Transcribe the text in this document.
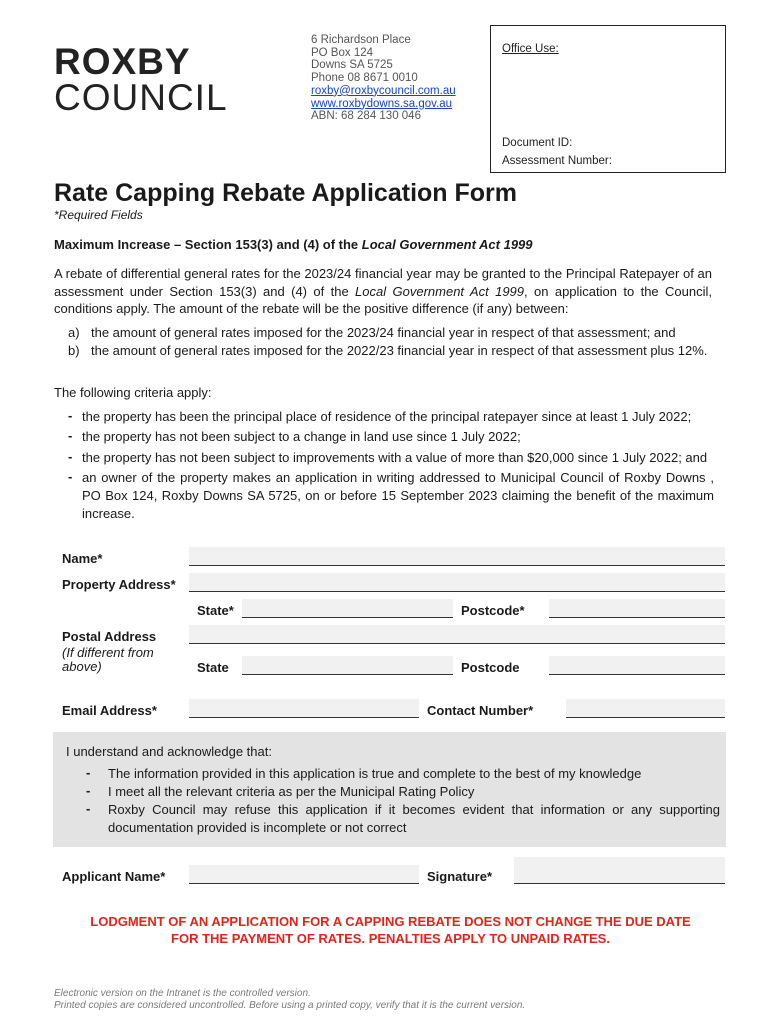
ROXBY
COUNCIL
6 Richardson Place
PO Box 124
Downs SA 5725
Phone 08 8671 0010
roxby@roxbycouncil.com.au
www.roxbydowns.sa.gov.au
ABN: 68 284 130 046
Office Use:
Document ID:
Assessment Number:
Rate Capping Rebate Application Form
*Required Fields
Maximum Increase – Section 153(3) and (4) of the Local Government Act 1999
A rebate of differential general rates for the 2023/24 financial year may be granted to the Principal Ratepayer of an assessment under Section 153(3) and (4) of the Local Government Act 1999, on application to the Council, conditions apply. The amount of the rebate will be the positive difference (if any) between:
a) the amount of general rates imposed for the 2023/24 financial year in respect of that assessment; and
b) the amount of general rates imposed for the 2022/23 financial year in respect of that assessment plus 12%.
The following criteria apply:
- the property has been the principal place of residence of the principal ratepayer since at least 1 July 2022;
- the property has not been subject to a change in land use since 1 July 2022;
- the property has not been subject to improvements with a value of more than $20,000 since 1 July 2022; and
- an owner of the property makes an application in writing addressed to Municipal Council of Roxby Downs , PO Box 124, Roxby Downs SA 5725, on or before 15 September 2023 claiming the benefit of the maximum increase.
Name*
Property Address*
State*	Postcode*
Postal Address
(If different from
above)	State	Postcode
Email Address*	Contact Number*
I understand and acknowledge that:
- The information provided in this application is true and complete to the best of my knowledge
- I meet all the relevant criteria as per the Municipal Rating Policy
- Roxby Council may refuse this application if it becomes evident that information or any supporting documentation provided is incomplete or not correct
Applicant Name*	Signature*
LODGMENT OF AN APPLICATION FOR A CAPPING REBATE DOES NOT CHANGE THE DUE DATE
FOR THE PAYMENT OF RATES. PENALTIES APPLY TO UNPAID RATES.
Electronic version on the Intranet is the controlled version.
Printed copies are considered uncontrolled. Before using a printed copy, verify that it is the current version.
